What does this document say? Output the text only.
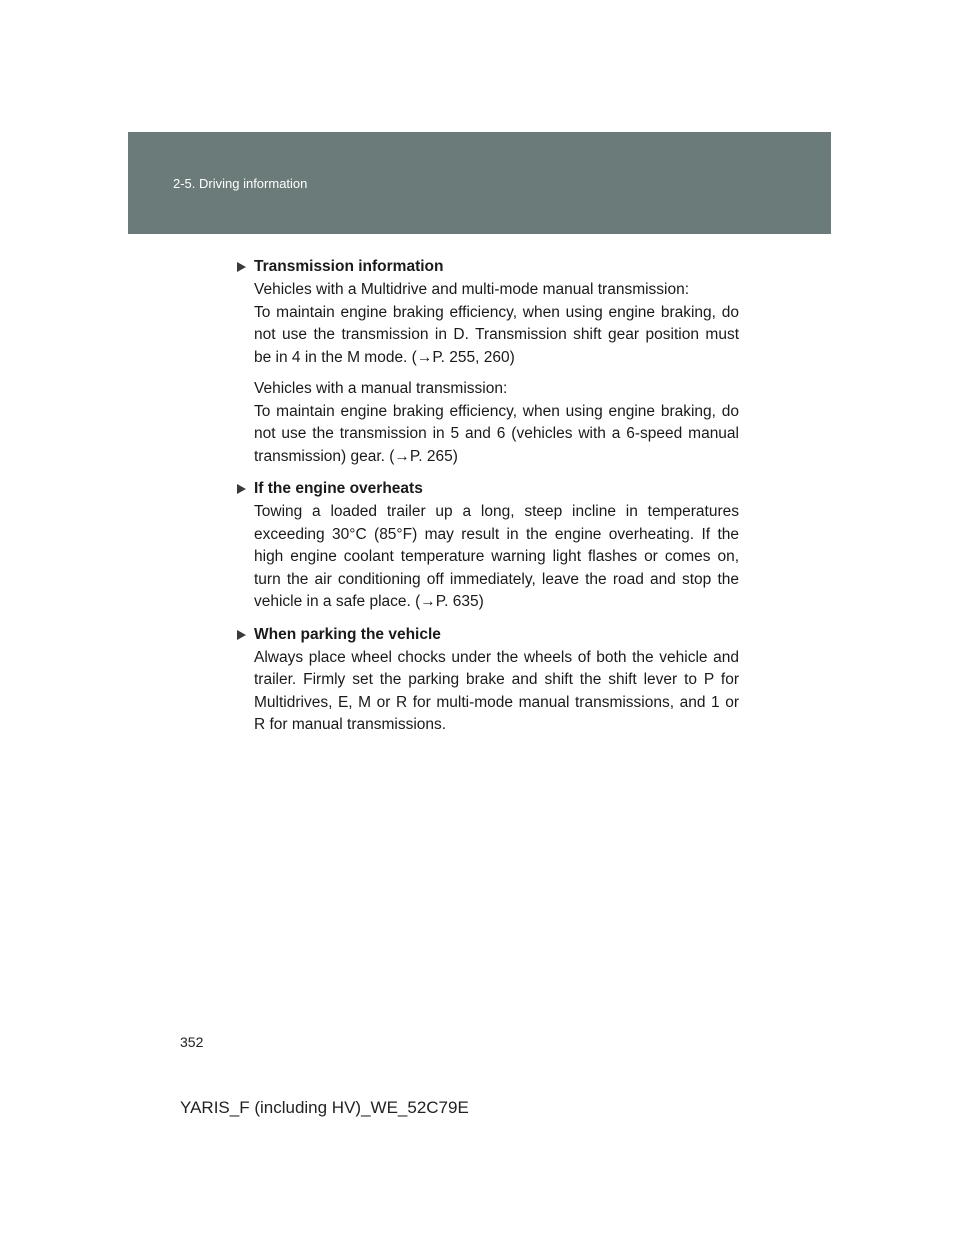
2-5. Driving information
Transmission information
Vehicles with a Multidrive and multi-mode manual transmission:
To maintain engine braking efficiency, when using engine braking, do not use the transmission in D. Transmission shift gear position must be in 4 in the M mode. (→P. 255, 260)
Vehicles with a manual transmission:
To maintain engine braking efficiency, when using engine braking, do not use the transmission in 5 and 6 (vehicles with a 6-speed manual transmission) gear. (→P. 265)
If the engine overheats
Towing a loaded trailer up a long, steep incline in temperatures exceeding 30°C (85°F) may result in the engine overheating. If the high engine coolant temperature warning light flashes or comes on, turn the air conditioning off immediately, leave the road and stop the vehicle in a safe place. (→P. 635)
When parking the vehicle
Always place wheel chocks under the wheels of both the vehicle and trailer. Firmly set the parking brake and shift the shift lever to P for Multidrives, E, M or R for multi-mode manual transmissions, and 1 or R for manual transmissions.
352
YARIS_F (including HV)_WE_52C79E
